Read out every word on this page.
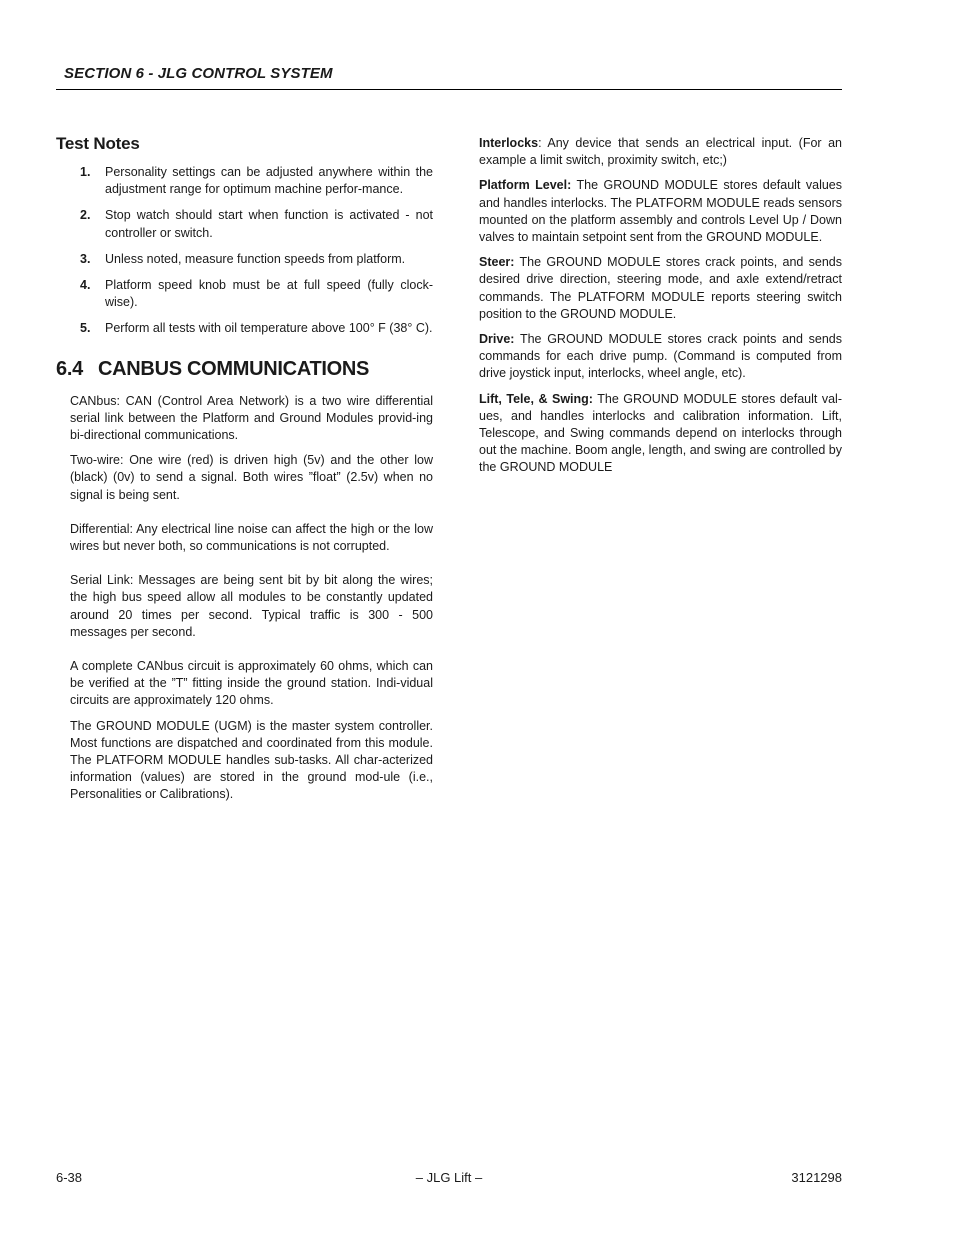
SECTION 6 - JLG CONTROL SYSTEM
Test Notes
1. Personality settings can be adjusted anywhere within the adjustment range for optimum machine perfor-mance.
2. Stop watch should start when function is activated - not controller or switch.
3. Unless noted, measure function speeds from platform.
4. Platform speed knob must be at full speed (fully clock-wise).
5. Perform all tests with oil temperature above 100° F (38° C).
6.4 CANBUS COMMUNICATIONS

CANbus: CAN (Control Area Network) is a two wire differential serial link between the Platform and Ground Modules provid-ing bi-directional communications.

Two-wire: One wire (red) is driven high (5v) and the other low (black) (0v) to send a signal. Both wires ”float” (2.5v) when no signal is being sent.

Differential: Any electrical line noise can affect the high or the low wires but never both, so communications is not corrupted.

Serial Link: Messages are being sent bit by bit along the wires; the high bus speed allow all modules to be constantly updated around 20 times per second. Typical traffic is 300 - 500 messages per second.

A complete CANbus circuit is approximately 60 ohms, which can be verified at the ”T” fitting inside the ground station. Indi-vidual circuits are approximately 120 ohms.

The GROUND MODULE (UGM) is the master system controller. Most functions are dispatched and coordinated from this module. The PLATFORM MODULE handles sub-tasks. All char-acterized information (values) are stored in the ground mod-ule (i.e., Personalities or Calibrations).

Interlocks: Any device that sends an electrical input. (For an example a limit switch, proximity switch, etc;)

Platform Level: The GROUND MODULE stores default values and handles interlocks. The PLATFORM MODULE reads sensors mounted on the platform assembly and controls Level Up / Down valves to maintain setpoint sent from the GROUND MODULE.

Steer: The GROUND MODULE stores crack points, and sends desired drive direction, steering mode, and axle extend/retract commands. The PLATFORM MODULE reports steering switch position to the GROUND MODULE.

Drive: The GROUND MODULE stores crack points and sends commands for each drive pump. (Command is computed from drive joystick input, interlocks, wheel angle, etc).

Lift, Tele, & Swing: The GROUND MODULE stores default val-ues, and handles interlocks and calibration information. Lift, Telescope, and Swing commands depend on interlocks through out the machine. Boom angle, length, and swing are controlled by the GROUND MODULE

6-38	– JLG Lift –	3121298
